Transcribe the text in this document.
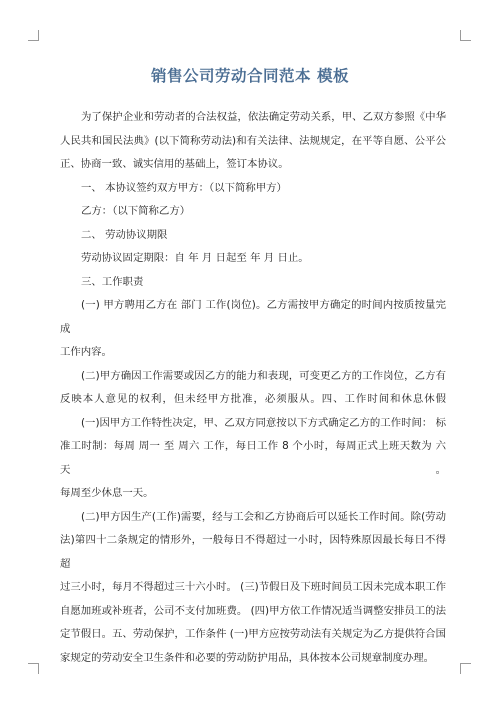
销售公司劳动合同范本 模板

为了保护企业和劳动者的合法权益，依法确定劳动关系，甲、乙双方参照《中华

人民共和国民法典》(以下简称劳动法)和有关法律、法规规定，在平等自愿、公平公

正、协商一致、诚实信用的基础上，签订本协议。

一、 本协议签约双方甲方：（以下简称甲方）

乙方：（以下简称乙方）

二、 劳动协议期限

劳动协议固定期限：自 年 月 日起至 年 月 日止。

三、工作职责

(一) 甲方聘用乙方在 部门 工作(岗位)。乙方需按甲方确定的时间内按质按量完成

工作内容。

(二)甲方确因工作需要或因乙方的能力和表现，可变更乙方的工作岗位，乙方有

反映本人意见的权利，但未经甲方批准，必须服从。四、工作时间和休息休假

(一)因甲方工作特性决定，甲、乙双方同意按以下方式确定乙方的工作时间： 标

准工时制：每周 周一 至 周六 工作，每日工作 8 个小时，每周正式上班天数为 六 天。

每周至少休息一天。

(二)甲方因生产(工作)需要，经与工会和乙方协商后可以延长工作时间。除(劳动

法)第四十二条规定的情形外，一般每日不得超过一小时，因特殊原因最长每日不得超

过三小时，每月不得超过三十六小时。 (三)节假日及下班时间员工因未完成本职工作

自愿加班或补班者，公司不支付加班费。 (四)甲方依工作情况适当调整安排员工的法

定节假日。五、劳动保护，工作条件 (一)甲方应按劳动法有关规定为乙方提供符合国

家规定的劳动安全卫生条件和必要的劳动防护用品，具体按本公司规章制度办理。
